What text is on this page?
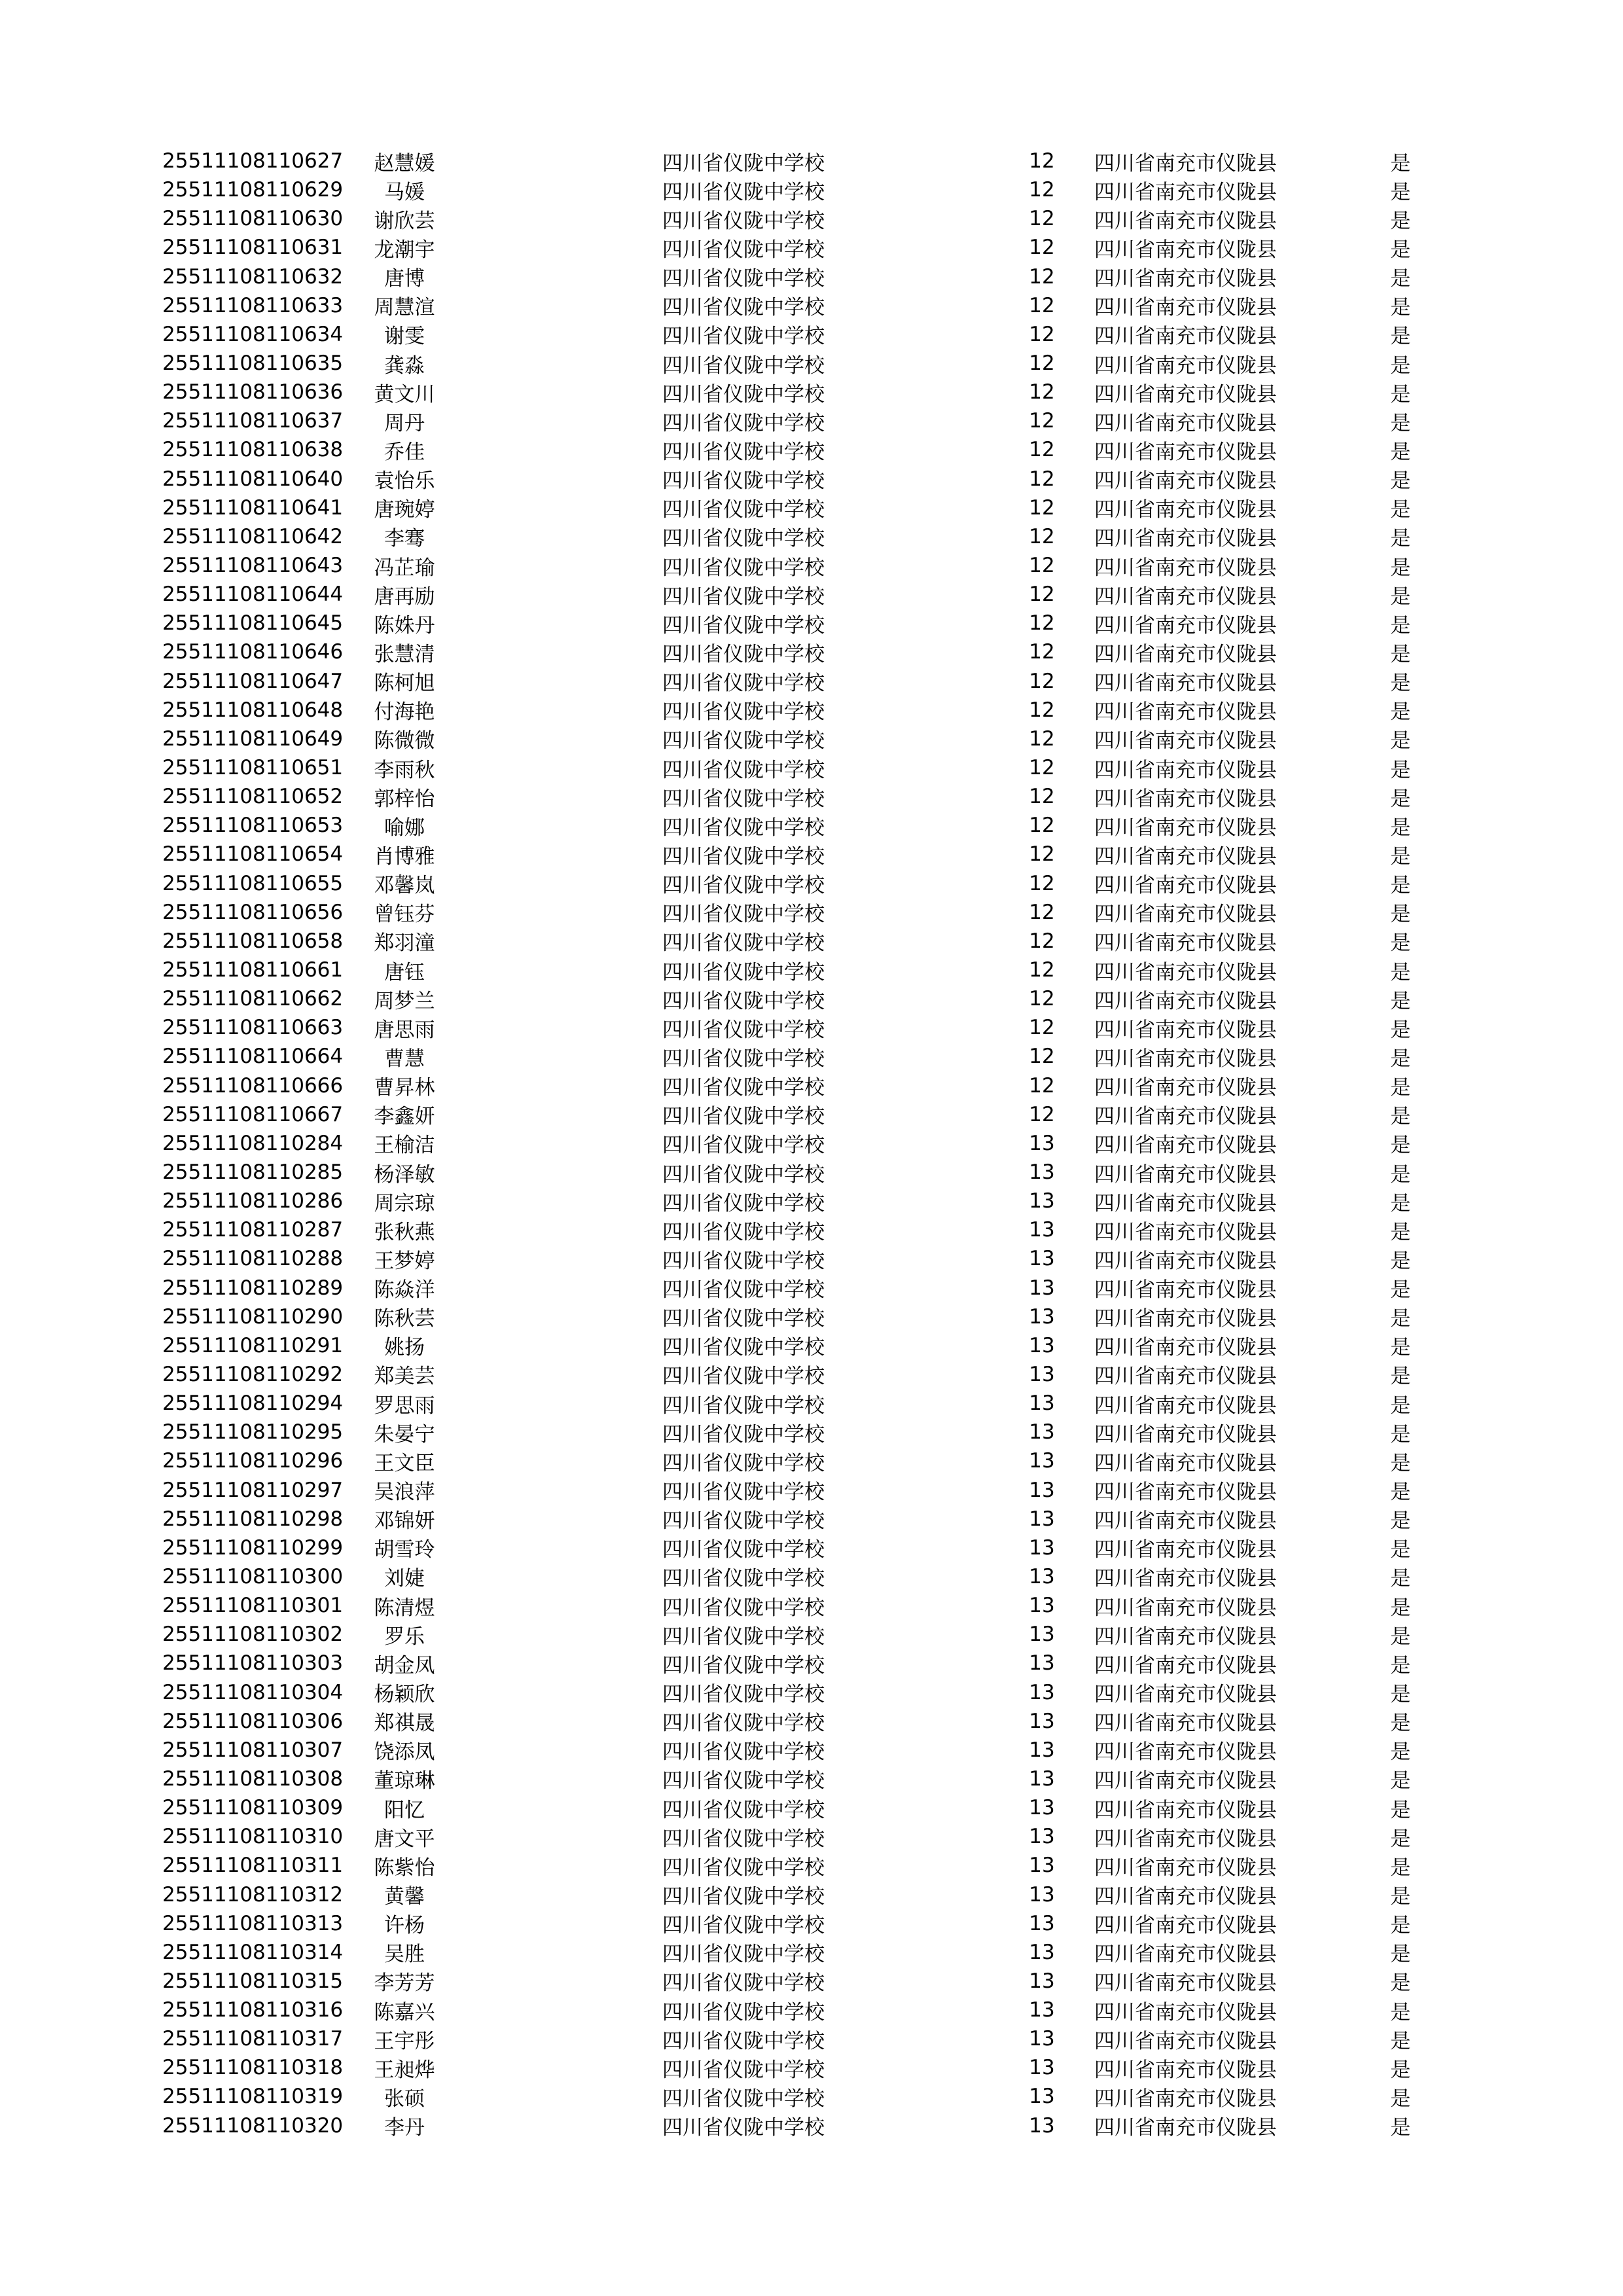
25511108110627	赵慧媛	四川省仪陇中学校	12	四川省南充市仪陇县	是
25511108110629	马媛	四川省仪陇中学校	12	四川省南充市仪陇县	是
25511108110630	谢欣芸	四川省仪陇中学校	12	四川省南充市仪陇县	是
25511108110631	龙潮宇	四川省仪陇中学校	12	四川省南充市仪陇县	是
25511108110632	唐博	四川省仪陇中学校	12	四川省南充市仪陇县	是
25511108110633	周慧渲	四川省仪陇中学校	12	四川省南充市仪陇县	是
25511108110634	谢雯	四川省仪陇中学校	12	四川省南充市仪陇县	是
25511108110635	龚淼	四川省仪陇中学校	12	四川省南充市仪陇县	是
25511108110636	黄文川	四川省仪陇中学校	12	四川省南充市仪陇县	是
25511108110637	周丹	四川省仪陇中学校	12	四川省南充市仪陇县	是
25511108110638	乔佳	四川省仪陇中学校	12	四川省南充市仪陇县	是
25511108110640	袁怡乐	四川省仪陇中学校	12	四川省南充市仪陇县	是
25511108110641	唐琬婷	四川省仪陇中学校	12	四川省南充市仪陇县	是
25511108110642	李骞	四川省仪陇中学校	12	四川省南充市仪陇县	是
25511108110643	冯芷瑜	四川省仪陇中学校	12	四川省南充市仪陇县	是
25511108110644	唐再励	四川省仪陇中学校	12	四川省南充市仪陇县	是
25511108110645	陈姝丹	四川省仪陇中学校	12	四川省南充市仪陇县	是
25511108110646	张慧清	四川省仪陇中学校	12	四川省南充市仪陇县	是
25511108110647	陈柯旭	四川省仪陇中学校	12	四川省南充市仪陇县	是
25511108110648	付海艳	四川省仪陇中学校	12	四川省南充市仪陇县	是
25511108110649	陈微微	四川省仪陇中学校	12	四川省南充市仪陇县	是
25511108110651	李雨秋	四川省仪陇中学校	12	四川省南充市仪陇县	是
25511108110652	郭梓怡	四川省仪陇中学校	12	四川省南充市仪陇县	是
25511108110653	喻娜	四川省仪陇中学校	12	四川省南充市仪陇县	是
25511108110654	肖博雅	四川省仪陇中学校	12	四川省南充市仪陇县	是
25511108110655	邓馨岚	四川省仪陇中学校	12	四川省南充市仪陇县	是
25511108110656	曾钰芬	四川省仪陇中学校	12	四川省南充市仪陇县	是
25511108110658	郑羽潼	四川省仪陇中学校	12	四川省南充市仪陇县	是
25511108110661	唐钰	四川省仪陇中学校	12	四川省南充市仪陇县	是
25511108110662	周梦兰	四川省仪陇中学校	12	四川省南充市仪陇县	是
25511108110663	唐思雨	四川省仪陇中学校	12	四川省南充市仪陇县	是
25511108110664	曹慧	四川省仪陇中学校	12	四川省南充市仪陇县	是
25511108110666	曹昇林	四川省仪陇中学校	12	四川省南充市仪陇县	是
25511108110667	李鑫妍	四川省仪陇中学校	12	四川省南充市仪陇县	是
25511108110284	王榆洁	四川省仪陇中学校	13	四川省南充市仪陇县	是
25511108110285	杨泽敏	四川省仪陇中学校	13	四川省南充市仪陇县	是
25511108110286	周宗琼	四川省仪陇中学校	13	四川省南充市仪陇县	是
25511108110287	张秋燕	四川省仪陇中学校	13	四川省南充市仪陇县	是
25511108110288	王梦婷	四川省仪陇中学校	13	四川省南充市仪陇县	是
25511108110289	陈焱洋	四川省仪陇中学校	13	四川省南充市仪陇县	是
25511108110290	陈秋芸	四川省仪陇中学校	13	四川省南充市仪陇县	是
25511108110291	姚扬	四川省仪陇中学校	13	四川省南充市仪陇县	是
25511108110292	郑美芸	四川省仪陇中学校	13	四川省南充市仪陇县	是
25511108110294	罗思雨	四川省仪陇中学校	13	四川省南充市仪陇县	是
25511108110295	朱晏宁	四川省仪陇中学校	13	四川省南充市仪陇县	是
25511108110296	王文臣	四川省仪陇中学校	13	四川省南充市仪陇县	是
25511108110297	吴浪萍	四川省仪陇中学校	13	四川省南充市仪陇县	是
25511108110298	邓锦妍	四川省仪陇中学校	13	四川省南充市仪陇县	是
25511108110299	胡雪玲	四川省仪陇中学校	13	四川省南充市仪陇县	是
25511108110300	刘婕	四川省仪陇中学校	13	四川省南充市仪陇县	是
25511108110301	陈清煜	四川省仪陇中学校	13	四川省南充市仪陇县	是
25511108110302	罗乐	四川省仪陇中学校	13	四川省南充市仪陇县	是
25511108110303	胡金凤	四川省仪陇中学校	13	四川省南充市仪陇县	是
25511108110304	杨颖欣	四川省仪陇中学校	13	四川省南充市仪陇县	是
25511108110306	郑祺晟	四川省仪陇中学校	13	四川省南充市仪陇县	是
25511108110307	饶添凤	四川省仪陇中学校	13	四川省南充市仪陇县	是
25511108110308	董琼琳	四川省仪陇中学校	13	四川省南充市仪陇县	是
25511108110309	阳忆	四川省仪陇中学校	13	四川省南充市仪陇县	是
25511108110310	唐文平	四川省仪陇中学校	13	四川省南充市仪陇县	是
25511108110311	陈紫怡	四川省仪陇中学校	13	四川省南充市仪陇县	是
25511108110312	黄馨	四川省仪陇中学校	13	四川省南充市仪陇县	是
25511108110313	许杨	四川省仪陇中学校	13	四川省南充市仪陇县	是
25511108110314	吴胜	四川省仪陇中学校	13	四川省南充市仪陇县	是
25511108110315	李芳芳	四川省仪陇中学校	13	四川省南充市仪陇县	是
25511108110316	陈嘉兴	四川省仪陇中学校	13	四川省南充市仪陇县	是
25511108110317	王宇彤	四川省仪陇中学校	13	四川省南充市仪陇县	是
25511108110318	王昶烨	四川省仪陇中学校	13	四川省南充市仪陇县	是
25511108110319	张硕	四川省仪陇中学校	13	四川省南充市仪陇县	是
25511108110320	李丹	四川省仪陇中学校	13	四川省南充市仪陇县	是
